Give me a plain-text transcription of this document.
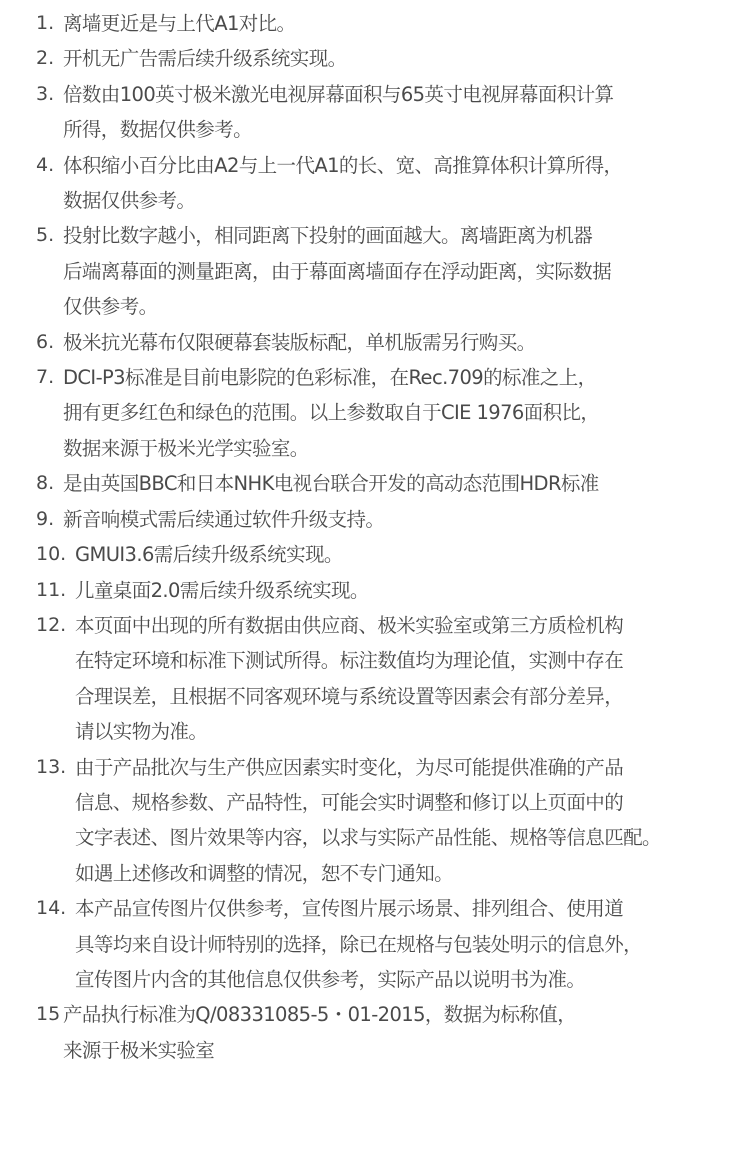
1. 离墙更近是与上代A1对比。
2. 开机无广告需后续升级系统实现。
3. 倍数由100英寸极米激光电视屏幕面积与65英寸电视屏幕面积计算
所得，数据仅供参考。
4. 体积缩小百分比由A2与上一代A1的长、宽、高推算体积计算所得，
数据仅供参考。
5. 投射比数字越小，相同距离下投射的画面越大。离墙距离为机器
后端离幕面的测量距离，由于幕面离墙面存在浮动距离，实际数据
仅供参考。
6. 极米抗光幕布仅限硬幕套装版标配，单机版需另行购买。
7. DCI-P3标准是目前电影院的色彩标准，在Rec.709的标准之上，
拥有更多红色和绿色的范围。以上参数取自于CIE 1976面积比，
数据来源于极米光学实验室。
8. 是由英国BBC和日本NHK电视台联合开发的高动态范围HDR标准
9. 新音响模式需后续通过软件升级支持。
10. GMUI3.6需后续升级系统实现。
11. 儿童桌面2.0需后续升级系统实现。
12. 本页面中出现的所有数据由供应商、极米实验室或第三方质检机构
在特定环境和标准下测试所得。标注数值均为理论值，实测中存在
合理误差，且根据不同客观环境与系统设置等因素会有部分差异，
请以实物为准。
13. 由于产品批次与生产供应因素实时变化，为尽可能提供准确的产品
信息、规格参数、产品特性，可能会实时调整和修订以上页面中的
文字表述、图片效果等内容，以求与实际产品性能、规格等信息匹配。
如遇上述修改和调整的情况，恕不专门通知。
14. 本产品宣传图片仅供参考，宣传图片展示场景、排列组合、使用道
具等均来自设计师特别的选择，除已在规格与包装处明示的信息外，
宣传图片内含的其他信息仅供参考，实际产品以说明书为准。
15 产品执行标准为Q/08331085-5・01-2015，数据为标称值，
来源于极米实验室
